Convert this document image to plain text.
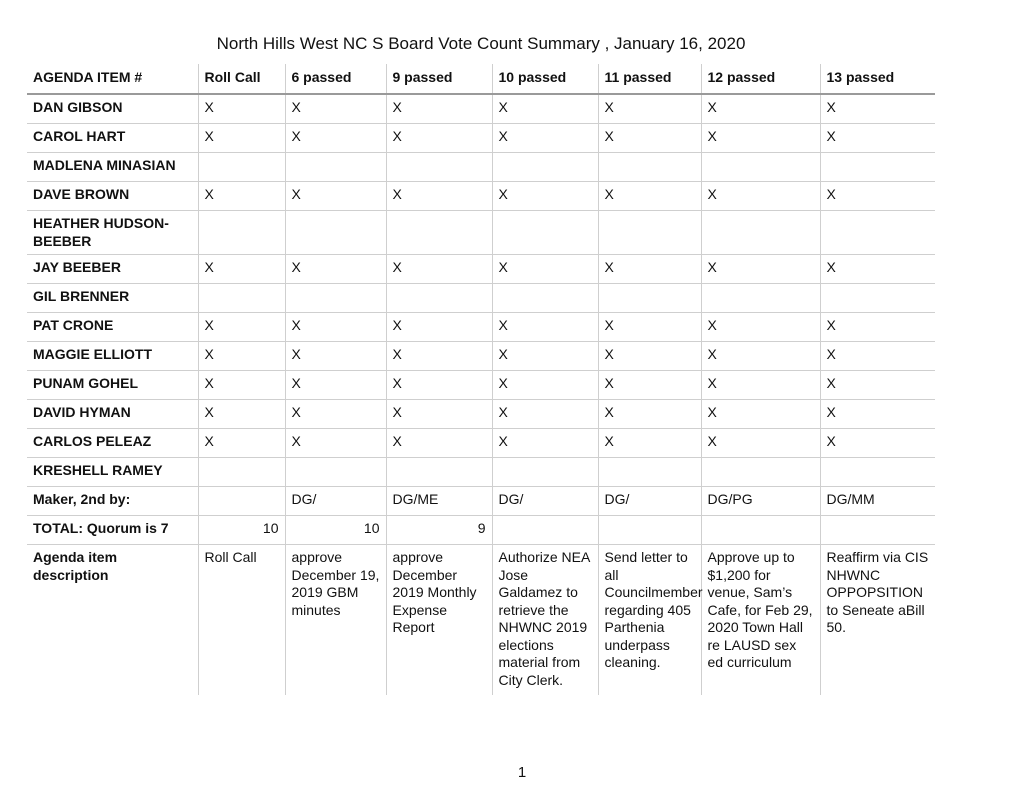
North Hills West NC S Board Vote Count Summary , January 16, 2020
AGENDA ITEM #	Roll Call	6 passed	9 passed	10 passed	11 passed	12 passed	13 passed
DAN GIBSON	X	X	X	X	X	X	X
CAROL HART	X	X	X	X	X	X	X
MADLENA MINASIAN							
DAVE BROWN	X	X	X	X	X	X	X
HEATHER HUDSON-BEEBER							
JAY BEEBER	X	X	X	X	X	X	X
GIL BRENNER							
PAT CRONE	X	X	X	X	X	X	X
MAGGIE ELLIOTT	X	X	X	X	X	X	X
PUNAM GOHEL	X	X	X	X	X	X	X
DAVID HYMAN	X	X	X	X	X	X	X
CARLOS PELEAZ	X	X	X	X	X	X	X
KRESHELL RAMEY							
Maker, 2nd by:		DG/	DG/ME	DG/	DG/	DG/PG	DG/MM
TOTAL: Quorum is 7	10	10	9				
Agenda item description	Roll Call	approve December 19, 2019 GBM minutes	approve December 2019 Monthly Expense Report	Authorize NEA Jose Galdamez to retrieve the NHWNC 2019 elections material from City Clerk.	Send letter to all Councilmember regarding 405 Parthenia underpass cleaning.	Approve up to $1,200 for venue, Sam’s Cafe, for Feb 29, 2020 Town Hall re LAUSD sex ed curriculum	Reaffirm via CIS NHWNC OPPOPSITION to Seneate aBill 50.
1
